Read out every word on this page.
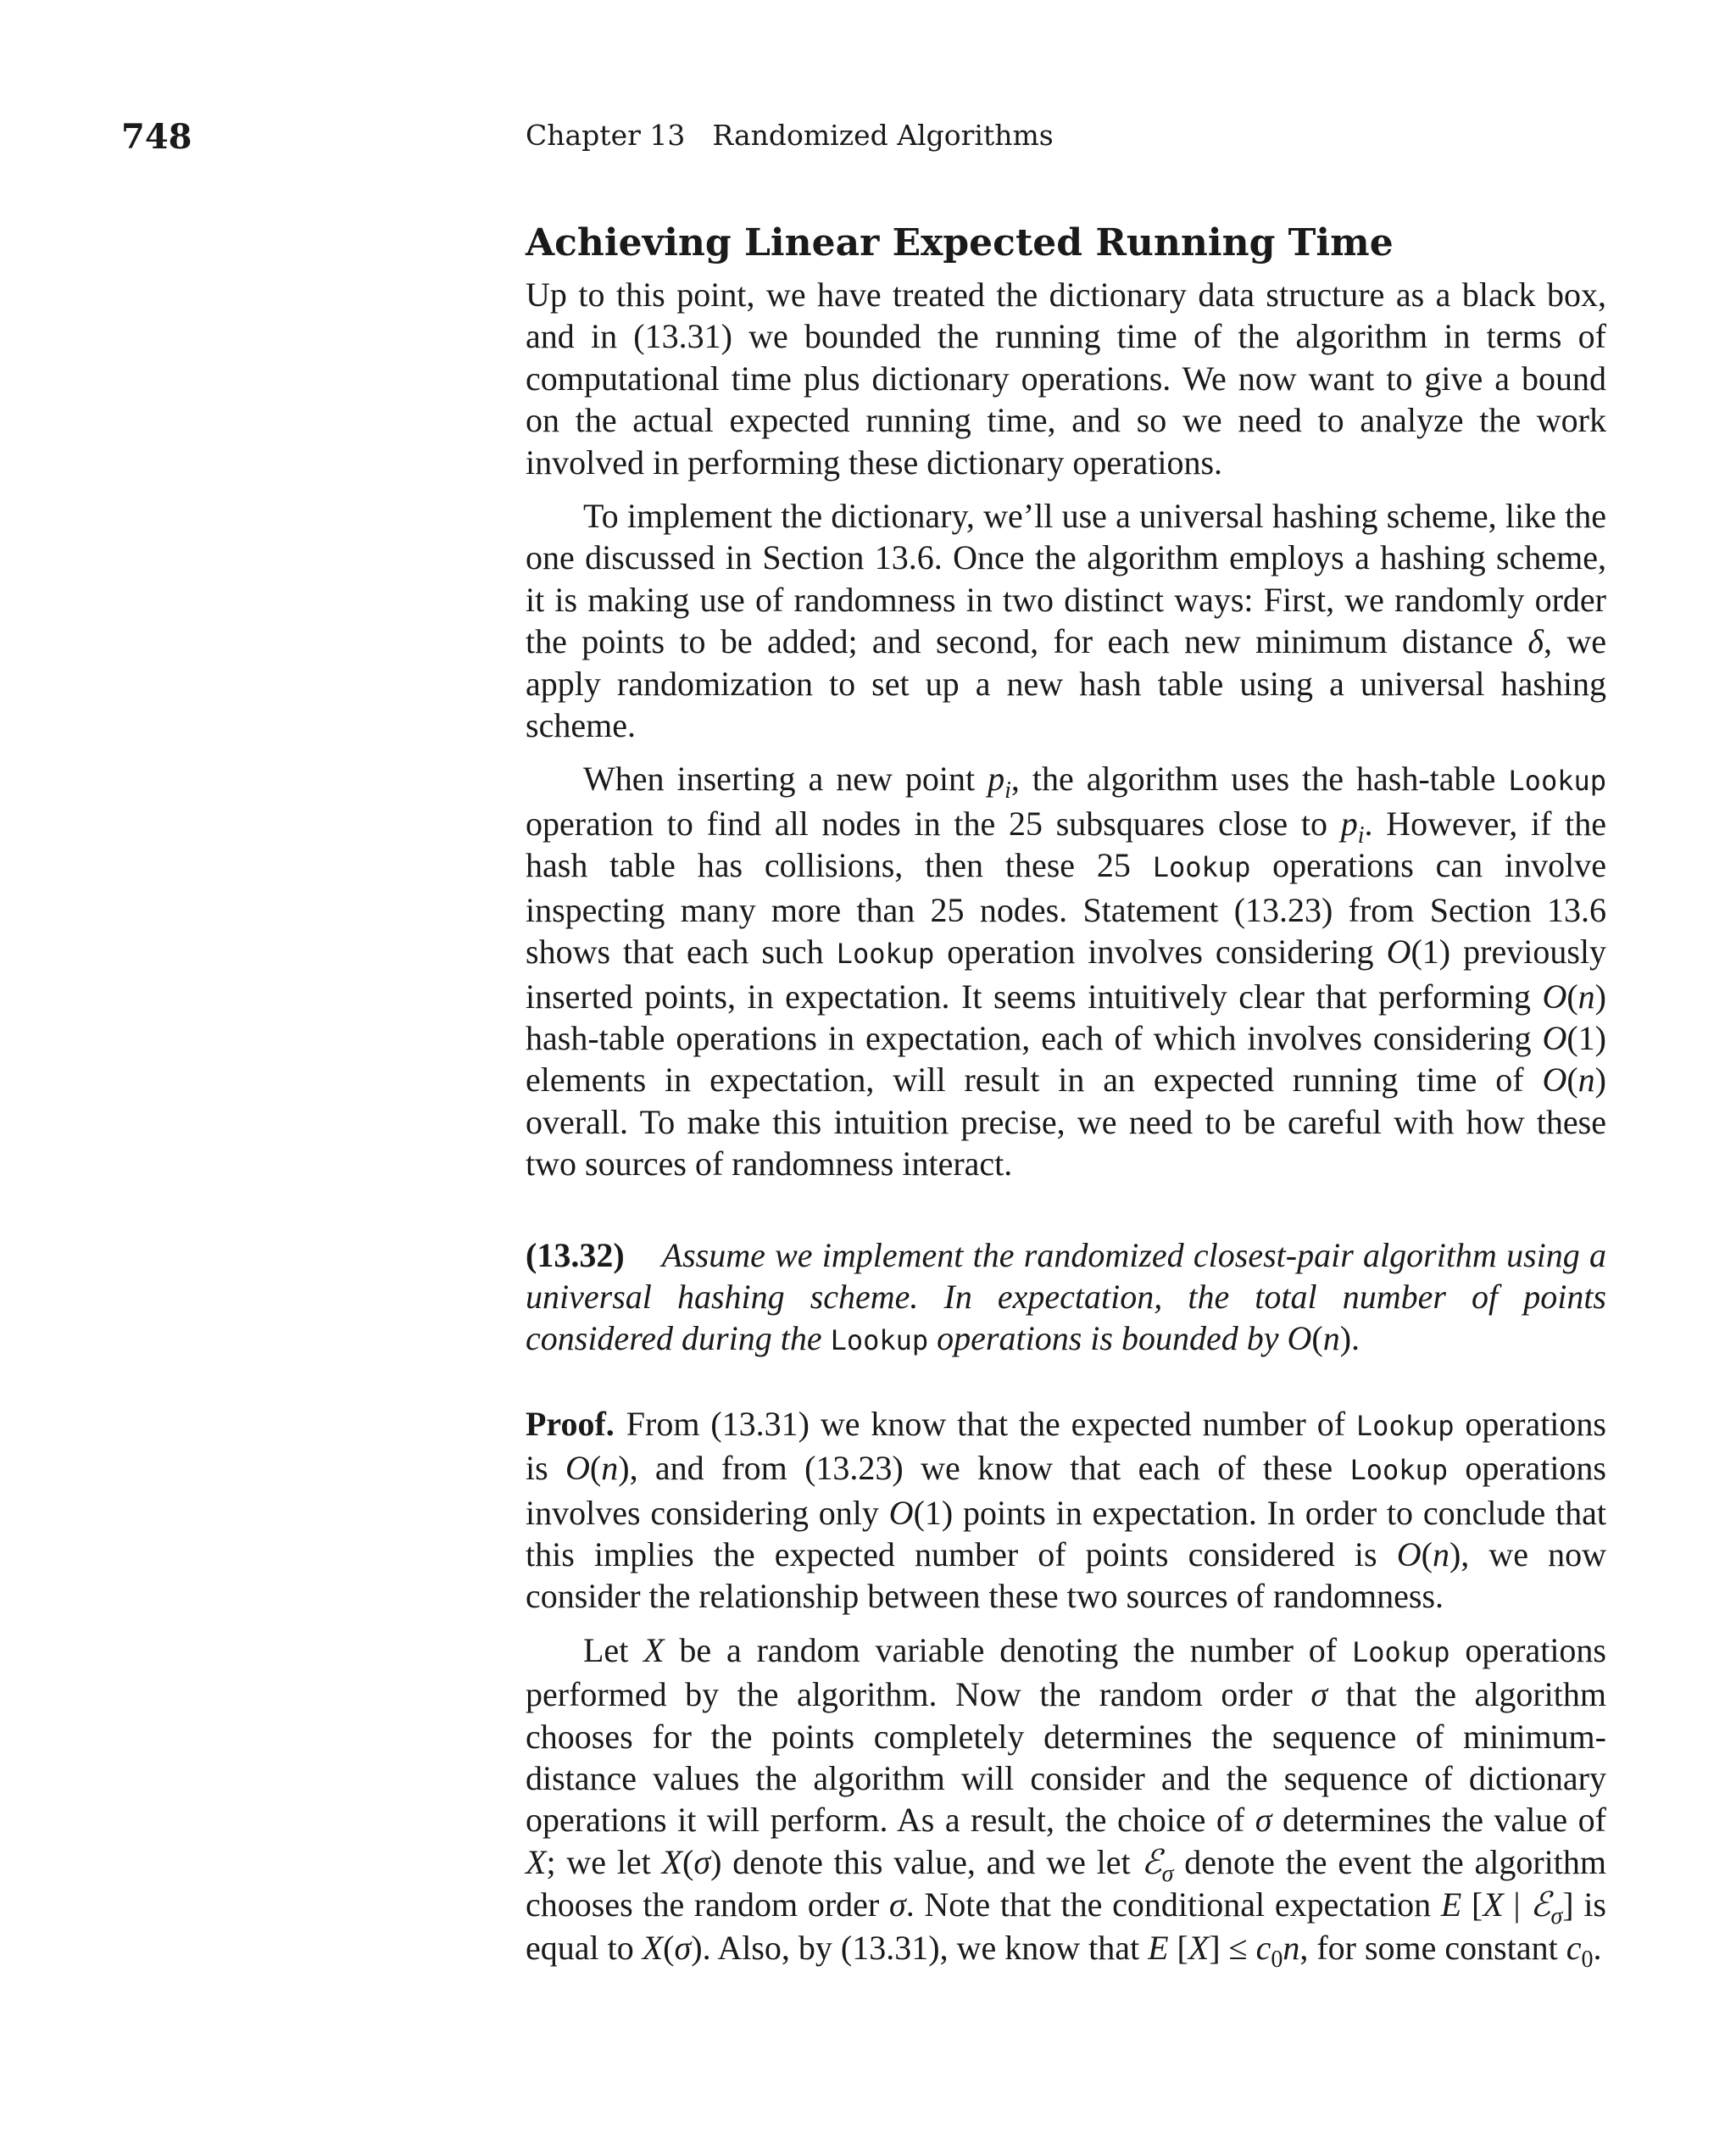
748	Chapter 13 Randomized Algorithms
Achieving Linear Expected Running Time

Up to this point, we have treated the dictionary data structure as a black box, and in (13.31) we bounded the running time of the algorithm in terms of computational time plus dictionary operations. We now want to give a bound on the actual expected running time, and so we need to analyze the work involved in performing these dictionary operations.

To implement the dictionary, we’ll use a universal hashing scheme, like the one discussed in Section 13.6. Once the algorithm employs a hashing scheme, it is making use of randomness in two distinct ways: First, we randomly order the points to be added; and second, for each new minimum distance δ, we apply randomization to set up a new hash table using a universal hashing scheme.

When inserting a new point $p_i$, the algorithm uses the hash-table Lookup operation to find all nodes in the 25 subsquares close to $p_i$. However, if the hash table has collisions, then these 25 Lookup operations can involve inspecting many more than 25 nodes. Statement (13.23) from Section 13.6 shows that each such Lookup operation involves considering O(1) previously inserted points, in expectation. It seems intuitively clear that performing O(n) hash-table operations in expectation, each of which involves considering O(1) elements in expectation, will result in an expected running time of O(n) overall. To make this intuition precise, we need to be careful with how these two sources of randomness interact.

(13.32) Assume we implement the randomized closest-pair algorithm using a universal hashing scheme. In expectation, the total number of points considered during the Lookup operations is bounded by O(n).

Proof. From (13.31) we know that the expected number of Lookup operations is O(n), and from (13.23) we know that each of these Lookup operations involves considering only O(1) points in expectation. In order to conclude that this implies the expected number of points considered is O(n), we now consider the relationship between these two sources of randomness.

Let X be a random variable denoting the number of Lookup operations performed by the algorithm. Now the random order σ that the algorithm chooses for the points completely determines the sequence of minimum-distance values the algorithm will consider and the sequence of dictionary operations it will perform. As a result, the choice of σ determines the value of X; we let X(σ) denote this value, and we let ℰ$_\sigma$ denote the event the algorithm chooses the random order σ. Note that the conditional expectation E [X | ℰ$_\sigma$] is equal to X(σ). Also, by (13.31), we know that E $[X] \le c_0n$, for some constant $c_0$.
